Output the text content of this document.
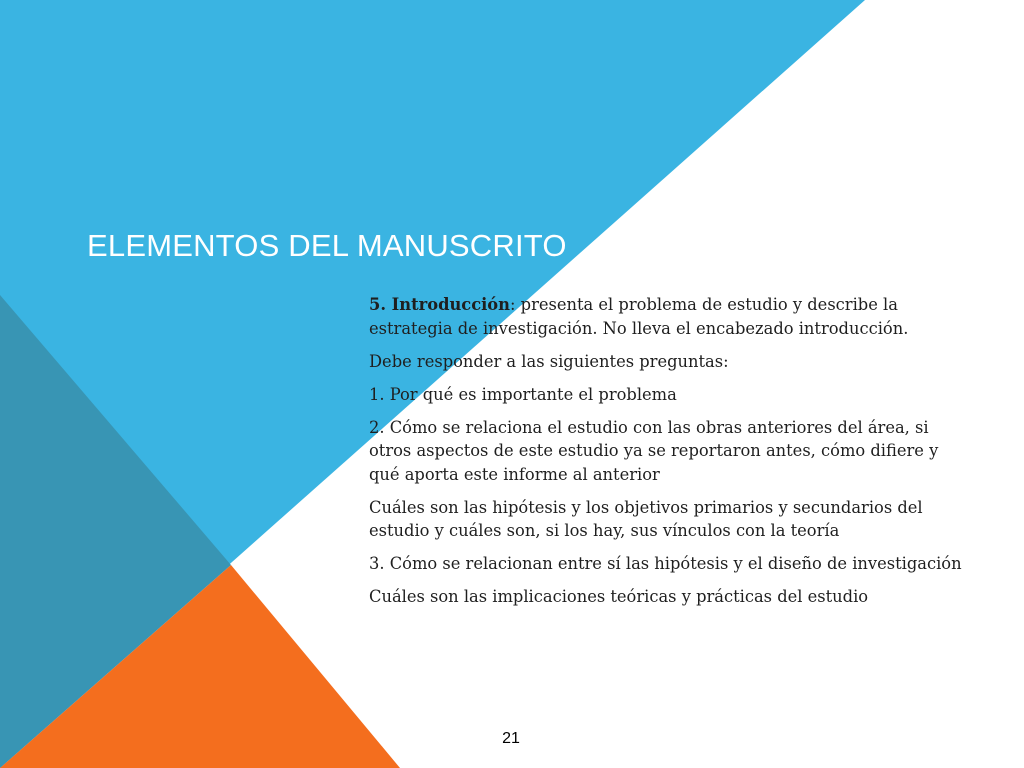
ELEMENTOS DEL MANUSCRITO

5. Introducción: presenta el problema de estudio y describe la estrategia de investigación. No lleva el encabezado introducción.

Debe responder a las siguientes preguntas:

1. Por qué es importante el problema

2. Cómo se relaciona el estudio con las obras anteriores del área, si otros aspectos de este estudio ya se reportaron antes, cómo difiere y qué aporta este informe al anterior

Cuáles son las hipótesis y los objetivos primarios y secundarios del estudio y cuáles son, si los hay, sus vínculos con la teoría

3. Cómo se relacionan entre sí las hipótesis y el diseño de investigación

Cuáles son las implicaciones teóricas y prácticas del estudio

21
